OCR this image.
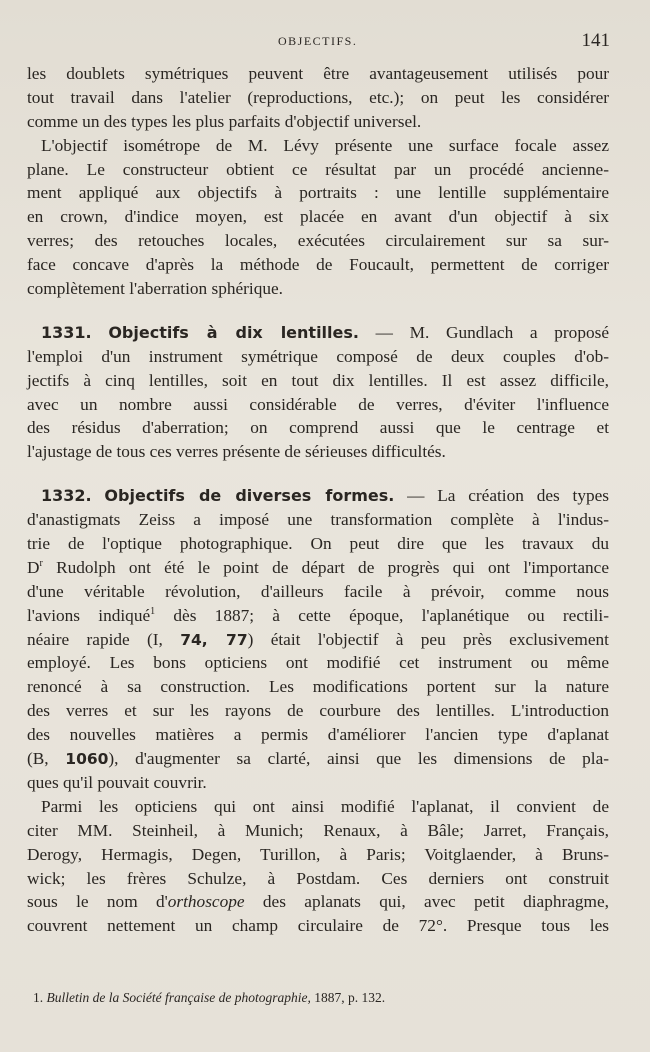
OBJECTIFS.	141
les doublets symétriques peuvent être avantageusement utilisés pour
tout travail dans l'atelier (reproductions, etc.); on peut les considérer
comme un des types les plus parfaits d'objectif universel.
L'objectif isométrope de M. Lévy présente une surface focale assez
plane. Le constructeur obtient ce résultat par un procédé ancienne-
ment appliqué aux objectifs à portraits : une lentille supplémentaire
en crown, d'indice moyen, est placée en avant d'un objectif à six
verres; des retouches locales, exécutées circulairement sur sa sur-
face concave d'après la méthode de Foucault, permettent de corriger
complètement l'aberration sphérique.
1331. Objectifs à dix lentilles. — M. Gundlach a proposé
l'emploi d'un instrument symétrique composé de deux couples d'ob-
jectifs à cinq lentilles, soit en tout dix lentilles. Il est assez difficile,
avec un nombre aussi considérable de verres, d'éviter l'influence
des résidus d'aberration; on comprend aussi que le centrage et
l'ajustage de tous ces verres présente de sérieuses difficultés.
1332. Objectifs de diverses formes. — La création des types
d'anastigmats Zeiss a imposé une transformation complète à l'indus-
trie de l'optique photographique. On peut dire que les travaux du
$D^r$ Rudolph ont été le point de départ de progrès qui ont l'importance
d'une véritable révolution, d'ailleurs facile à prévoir, comme nous
l'avions indiqué$^1$ dès 1887; à cette époque, l'aplanétique ou rectili-
néaire rapide (I, 74, 77) était l'objectif à peu près exclusivement
employé. Les bons opticiens ont modifié cet instrument ou même
renoncé à sa construction. Les modifications portent sur la nature
des verres et sur les rayons de courbure des lentilles. L'introduction
des nouvelles matières a permis d'améliorer l'ancien type d'aplanat
(B, 1060), d'augmenter sa clarté, ainsi que les dimensions de pla-
ques qu'il pouvait couvrir.
Parmi les opticiens qui ont ainsi modifié l'aplanat, il convient de
citer MM. Steinheil, à Munich; Renaux, à Bâle; Jarret, Français,
Derogy, Hermagis, Degen, Turillon, à Paris; Voitglaender, à Bruns-
wick; les frères Schulze, à Postdam. Ces derniers ont construit
sous le nom d'orthoscope des aplanats qui, avec petit diaphragme,
couvrent nettement un champ circulaire de 72°. Presque tous les
1. Bulletin de la Société française de photographie, 1887, p. 132.
